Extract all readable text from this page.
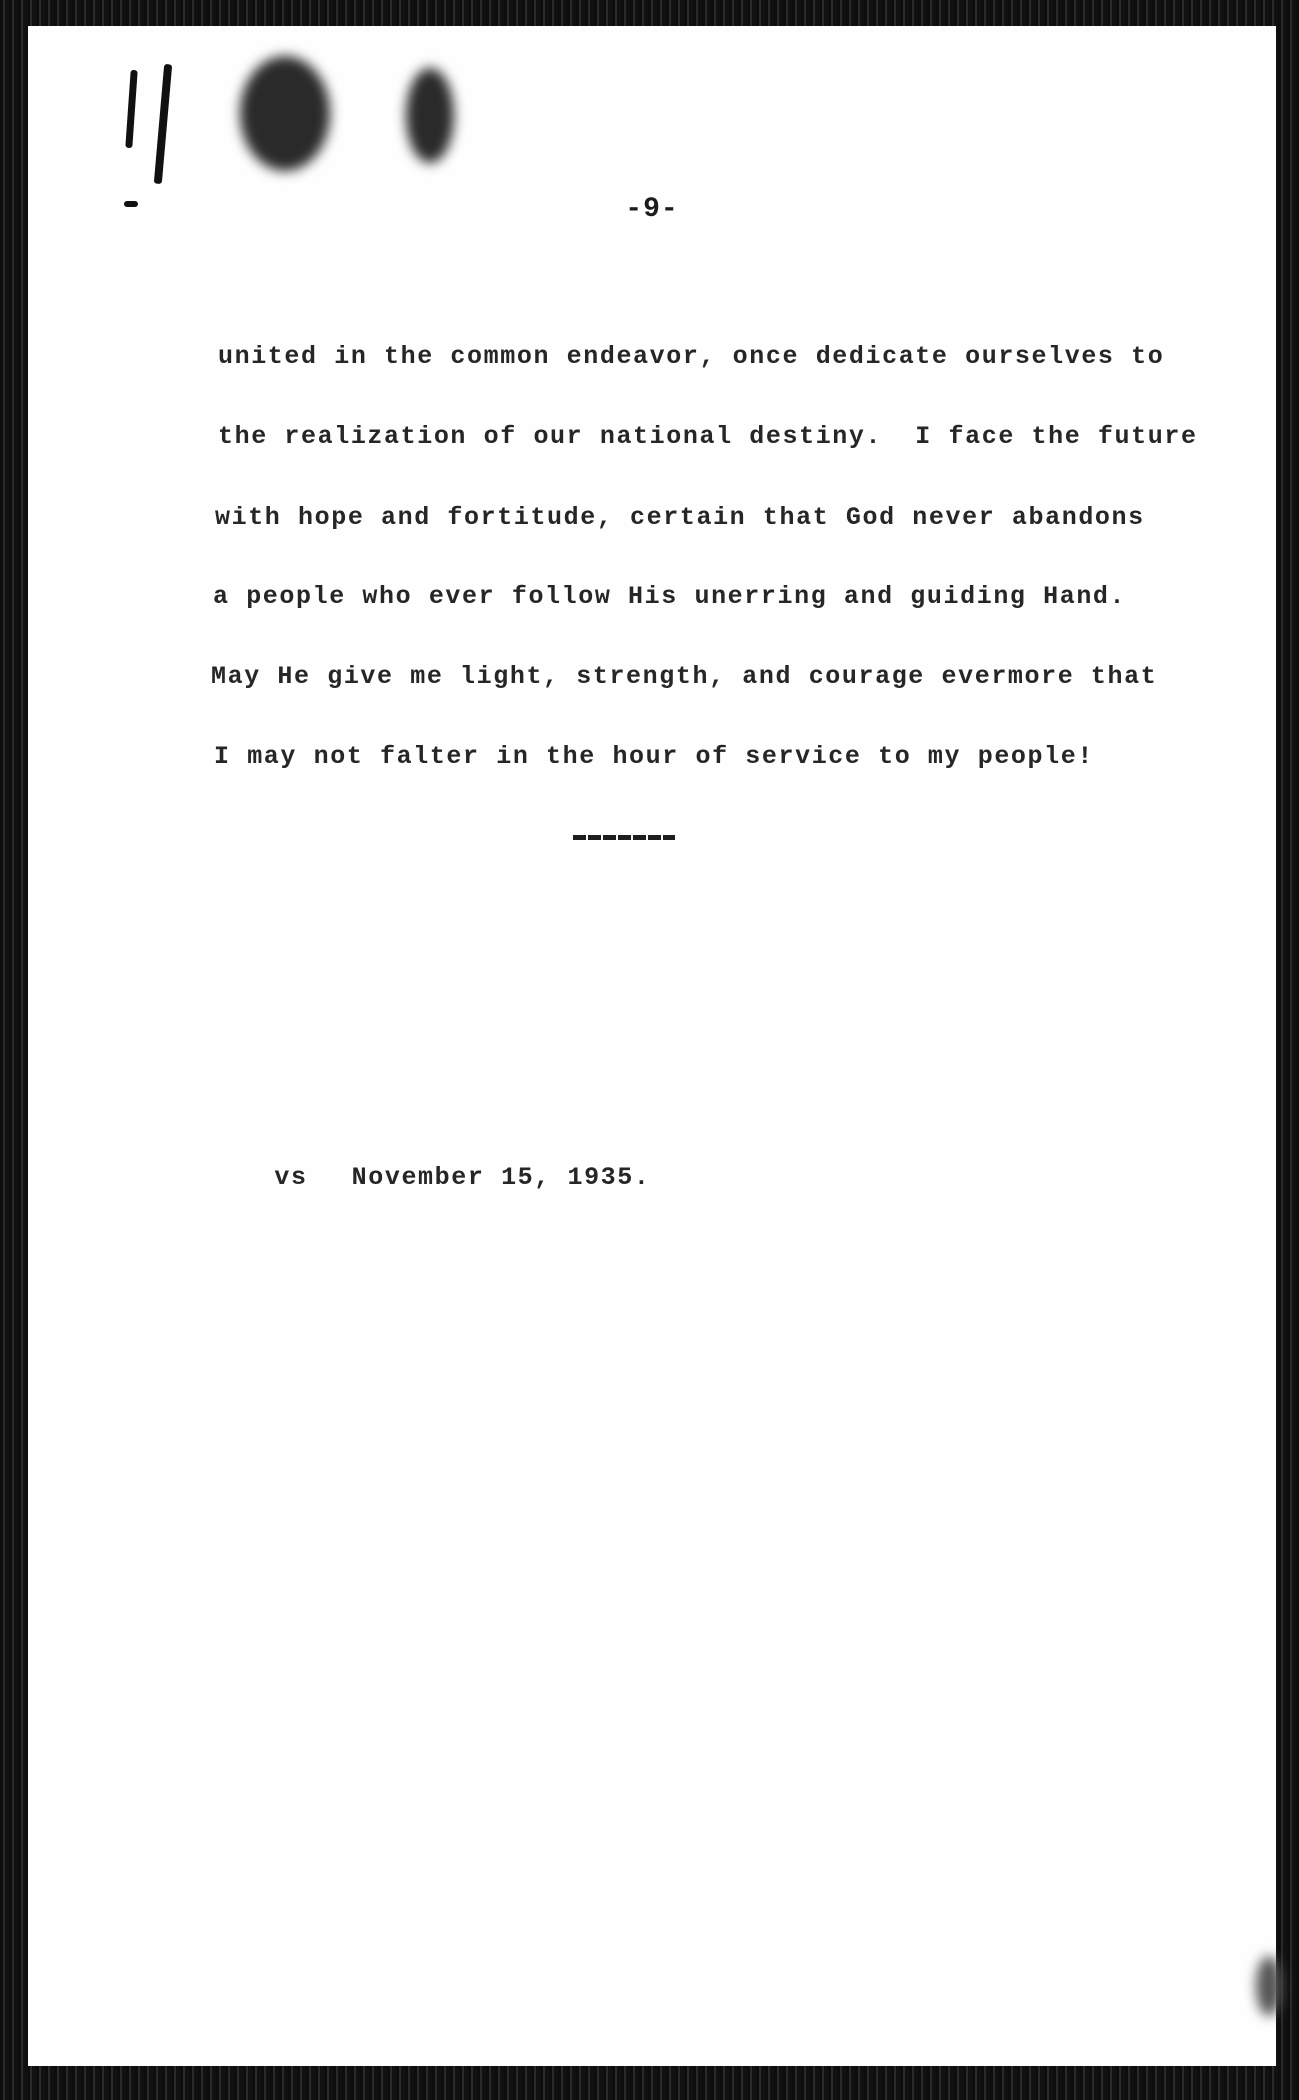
-9-
united in the common endeavor, once dedicate ourselves to
the realization of our national destiny.  I face the future
with hope and fortitude, certain that God never abandons
a people who ever follow His unerring and guiding Hand.
May He give me light, strength, and courage evermore that
I may not falter in the hour of service to my people!

vs November 15, 1935.
